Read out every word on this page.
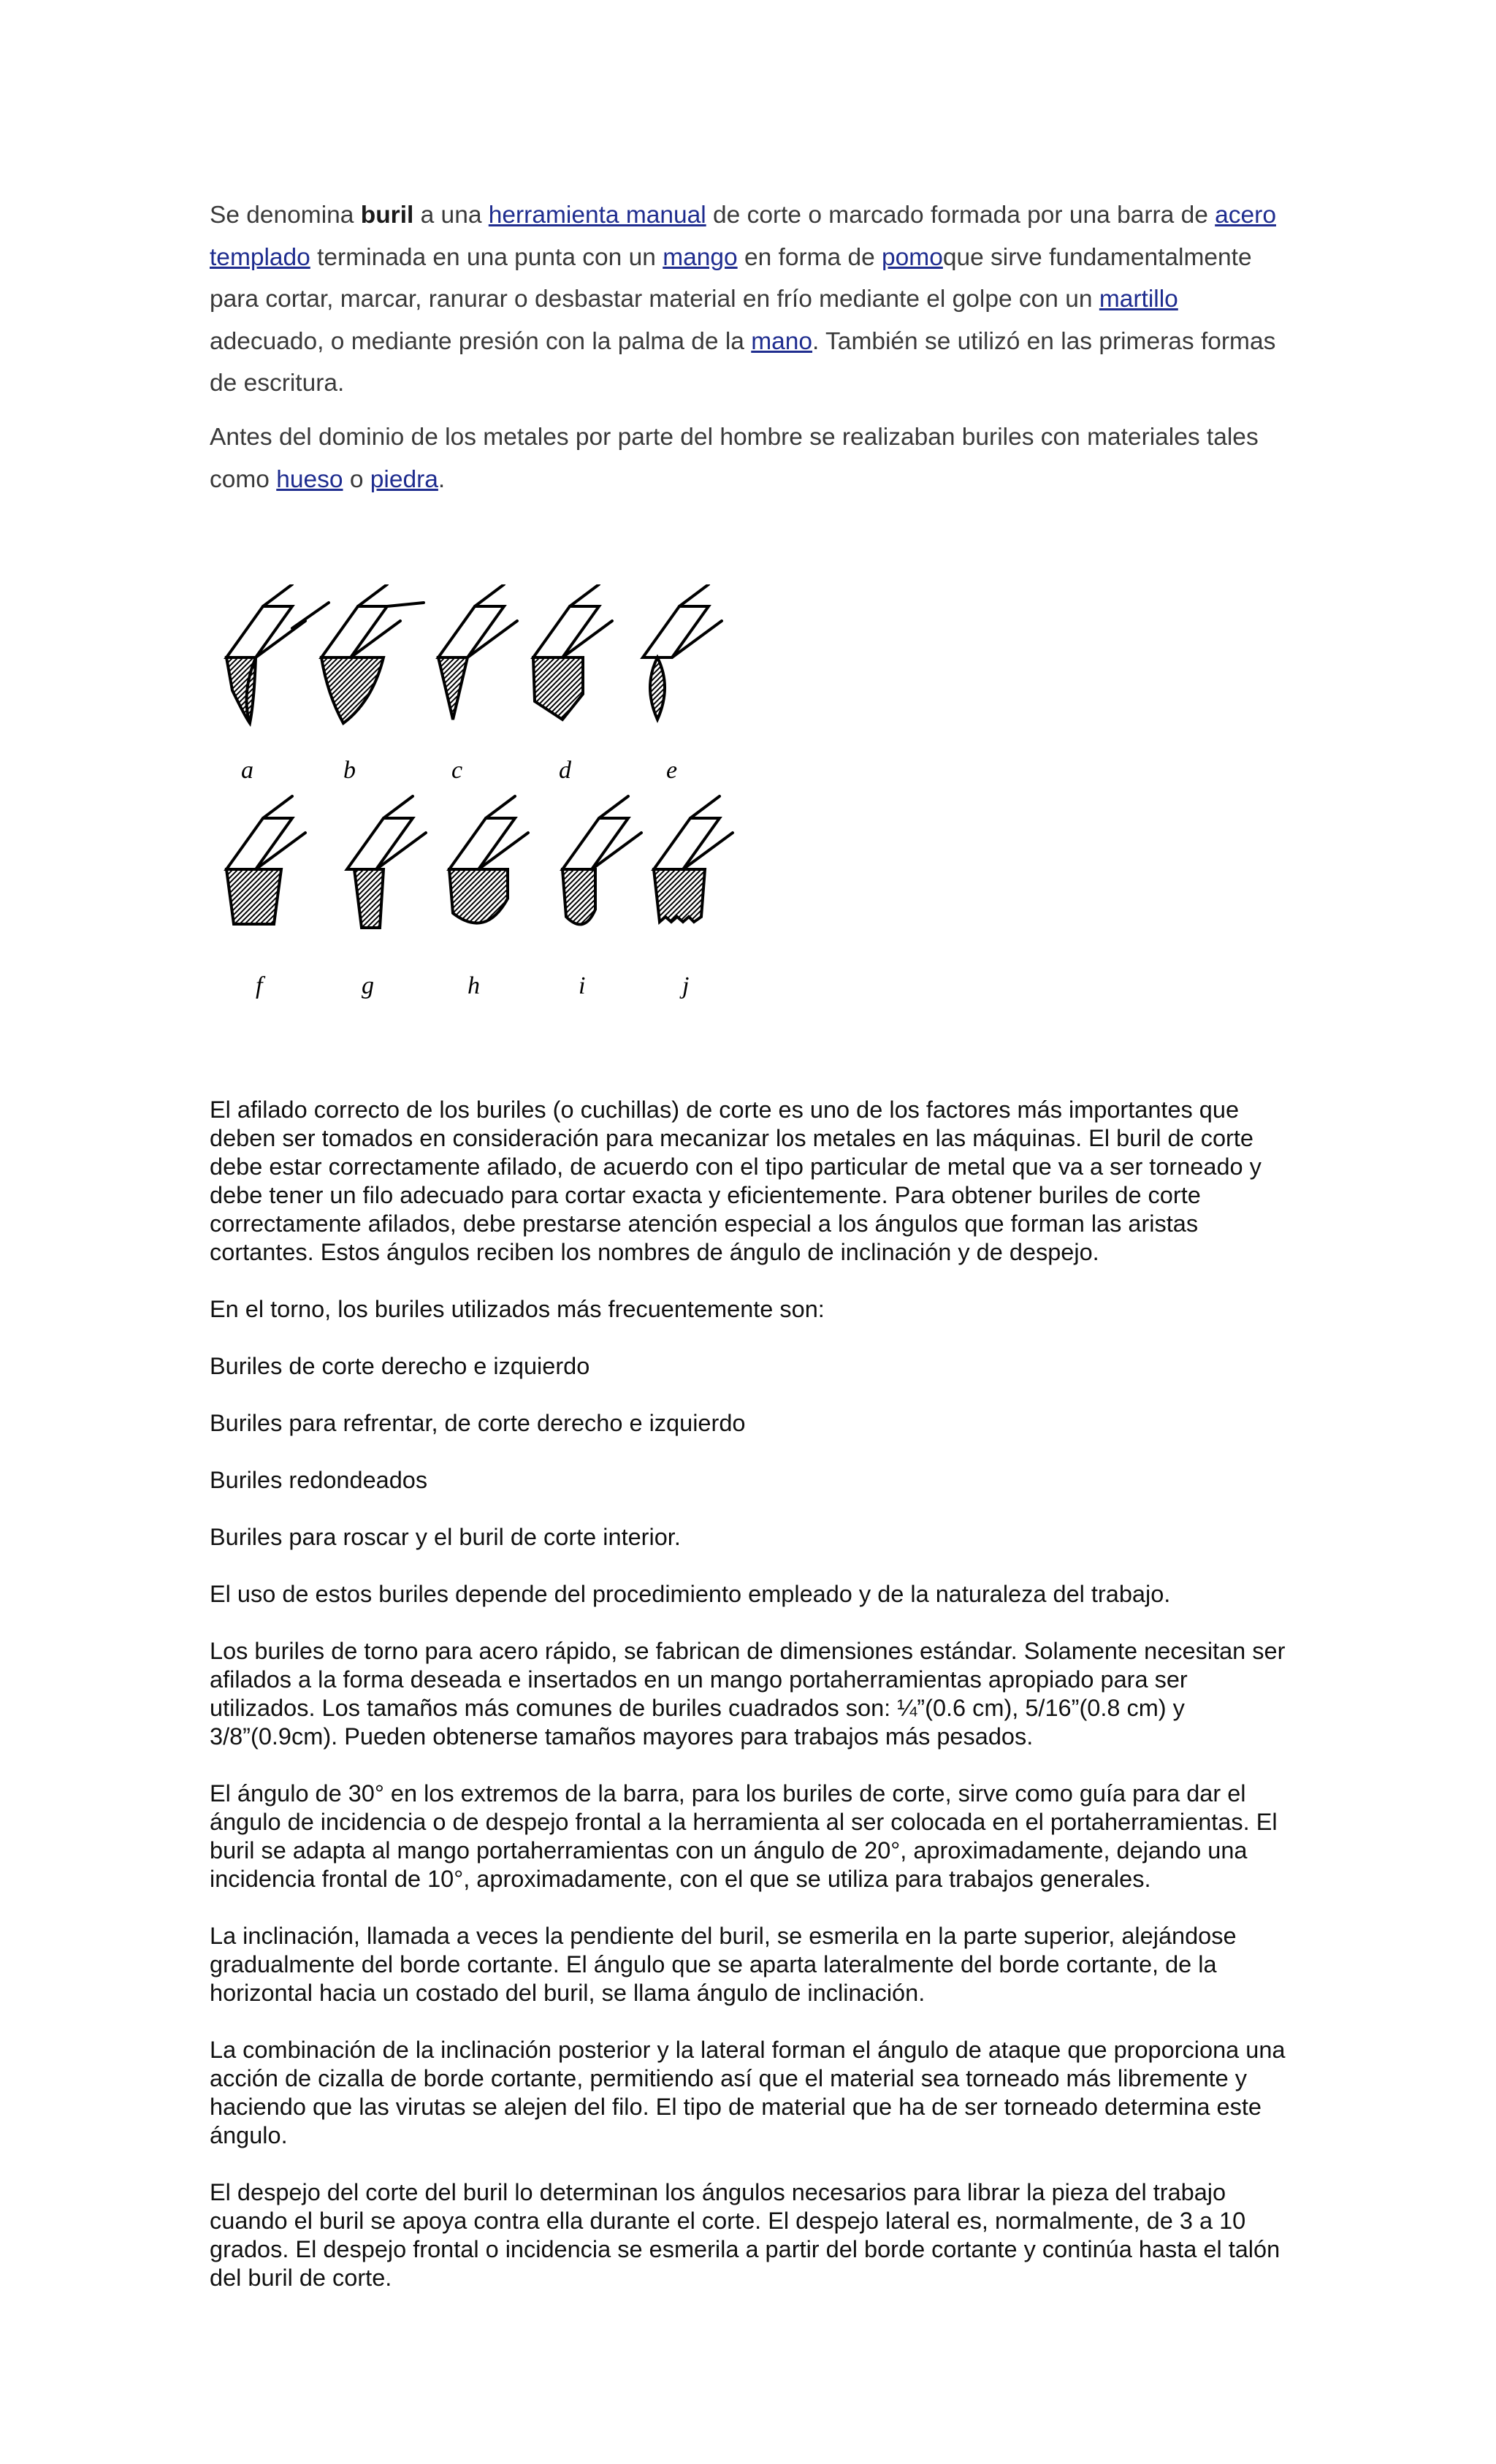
Se denomina buril a una herramienta manual de corte o marcado formada por una barra de acero templado terminada en una punta con un mango en forma de pomoque sirve fundamentalmente para cortar, marcar, ranurar o desbastar material en frío mediante el golpe con un martillo adecuado, o mediante presión con la palma de la mano. También se utilizó en las primeras formas de escritura.

Antes del dominio de los metales por parte del hombre se realizaban buriles con materiales tales como hueso o piedra.

a	b	c	d	e
f	g	h	i	j

El afilado correcto de los buriles (o cuchillas) de corte es uno de los factores más importantes que deben ser tomados en consideración para mecanizar los metales en las máquinas. El buril de corte debe estar correctamente afilado, de acuerdo con el tipo particular de metal que va a ser torneado y debe tener un filo adecuado para cortar exacta y eficientemente. Para obtener buriles de corte correctamente afilados, debe prestarse atención especial a los ángulos que forman las aristas cortantes. Estos ángulos reciben los nombres de ángulo de inclinación y de despejo.

En el torno, los buriles utilizados más frecuentemente son:

Buriles de corte derecho e izquierdo

Buriles para refrentar, de corte derecho e izquierdo

Buriles redondeados

Buriles para roscar y el buril de corte interior.

El uso de estos buriles depende del procedimiento empleado y de la naturaleza del trabajo.

Los buriles de torno para acero rápido, se fabrican de dimensiones estándar. Solamente necesitan ser afilados a la forma deseada e insertados en un mango portaherramientas apropiado para ser utilizados. Los tamaños más comunes de buriles cuadrados son: ¼”(0.6 cm), 5/16”(0.8 cm) y 3/8”(0.9cm). Pueden obtenerse tamaños mayores para trabajos más pesados.

El ángulo de 30° en los extremos de la barra, para los buriles de corte, sirve como guía para dar el ángulo de incidencia o de despejo frontal a la herramienta al ser colocada en el portaherramientas. El buril se adapta al mango portaherramientas con un ángulo de 20°, aproximadamente, dejando una incidencia frontal de 10°, aproximadamente, con el que se utiliza para trabajos generales.

La inclinación, llamada a veces la pendiente del buril, se esmerila en la parte superior, alejándose gradualmente del borde cortante. El ángulo que se aparta lateralmente del borde cortante, de la horizontal hacia un costado del buril, se llama ángulo de inclinación.

La combinación de la inclinación posterior y la lateral forman el ángulo de ataque que proporciona una acción de cizalla de borde cortante, permitiendo así que el material sea torneado más libremente y haciendo que las virutas se alejen del filo. El tipo de material que ha de ser torneado determina este ángulo.

El despejo del corte del buril lo determinan los ángulos necesarios para librar la pieza del trabajo cuando el buril se apoya contra ella durante el corte. El despejo lateral es, normalmente, de 3 a 10 grados. El despejo frontal o incidencia se esmerila a partir del borde cortante y continúa hasta el talón del buril de corte.
